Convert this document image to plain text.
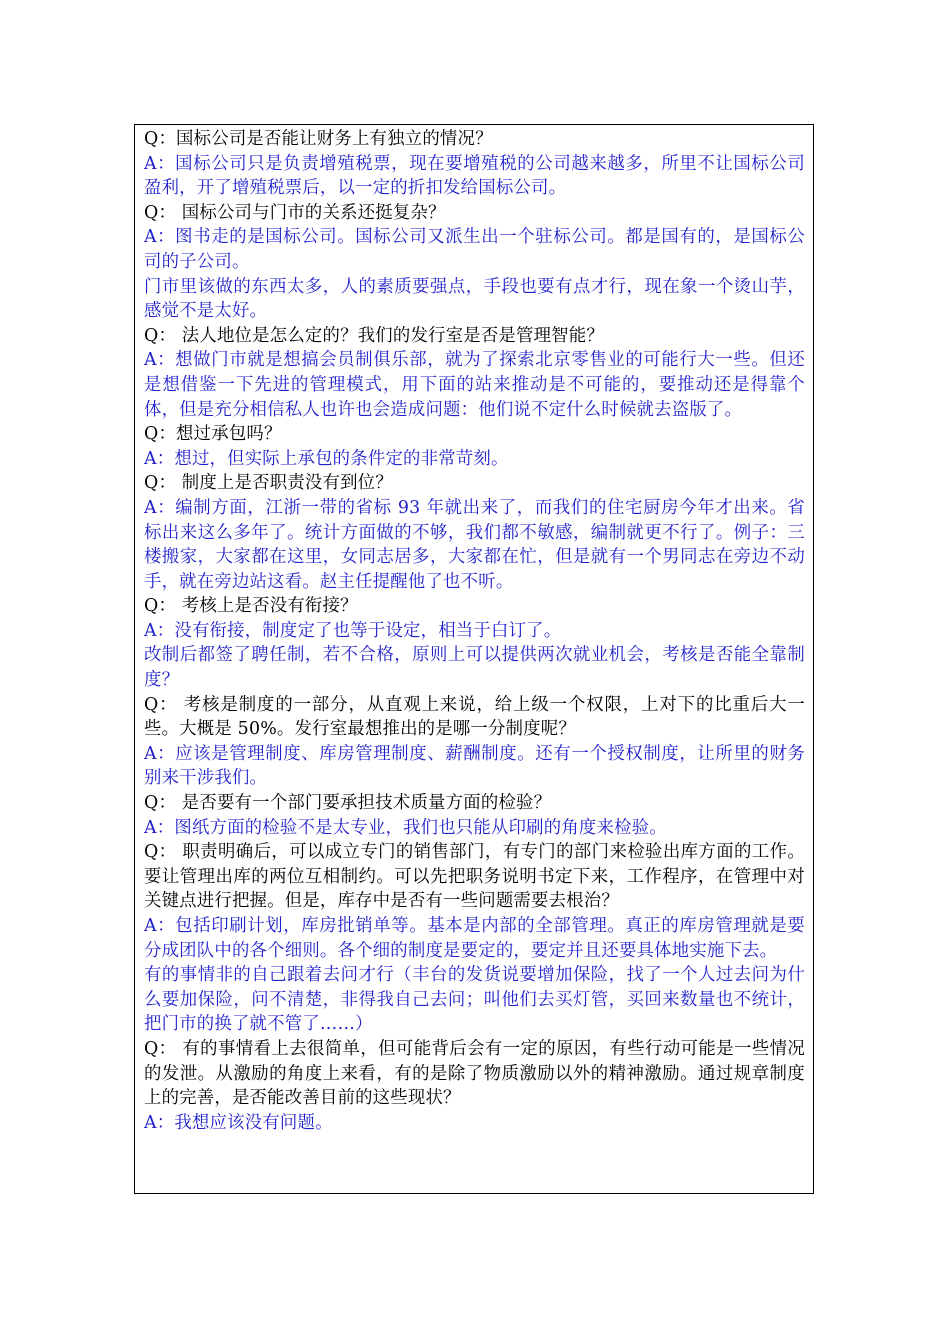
Q：国标公司是否能让财务上有独立的情况？

A：国标公司只是负责增殖税票，现在要增殖税的公司越来越多，所里不让国标公司盈利，开了增殖税票后，以一定的折扣发给国标公司。

Q： 国标公司与门市的关系还挺复杂？

A：图书走的是国标公司。国标公司又派生出一个驻标公司。都是国有的，是国标公司的子公司。

门市里该做的东西太多，人的素质要强点，手段也要有点才行，现在象一个烫山芋，感觉不是太好。

Q： 法人地位是怎么定的？我们的发行室是否是管理智能？

A：想做门市就是想搞会员制俱乐部，就为了探索北京零售业的可能行大一些。但还是想借鉴一下先进的管理模式，用下面的站来推动是不可能的，要推动还是得靠个体，但是充分相信私人也许也会造成问题：他们说不定什么时候就去盗版了。

Q：想过承包吗？

A：想过，但实际上承包的条件定的非常苛刻。

Q： 制度上是否职责没有到位？

A：编制方面，江浙一带的省标 93 年就出来了，而我们的住宅厨房今年才出来。省标出来这么多年了。统计方面做的不够，我们都不敏感，编制就更不行了。例子：三楼搬家，大家都在这里，女同志居多，大家都在忙，但是就有一个男同志在旁边不动手，就在旁边站这看。赵主任提醒他了也不听。

Q： 考核上是否没有衔接？

A：没有衔接，制度定了也等于设定，相当于白订了。

改制后都签了聘任制，若不合格，原则上可以提供两次就业机会，考核是否能全靠制度？

Q： 考核是制度的一部分，从直观上来说，给上级一个权限，上对下的比重后大一些。大概是 50%。发行室最想推出的是哪一分制度呢？

A：应该是管理制度、库房管理制度、薪酬制度。还有一个授权制度，让所里的财务别来干涉我们。

Q： 是否要有一个部门要承担技术质量方面的检验？

A：图纸方面的检验不是太专业，我们也只能从印刷的角度来检验。

Q： 职责明确后，可以成立专门的销售部门，有专门的部门来检验出库方面的工作。要让管理出库的两位互相制约。可以先把职务说明书定下来，工作程序，在管理中对关键点进行把握。但是，库存中是否有一些问题需要去根治？

A：包括印刷计划，库房批销单等。基本是内部的全部管理。真正的库房管理就是要分成团队中的各个细则。各个细的制度是要定的，要定并且还要具体地实施下去。

有的事情非的自己跟着去问才行（丰台的发货说要增加保险，找了一个人过去问为什么要加保险，问不清楚，非得我自己去问；叫他们去买灯管，买回来数量也不统计，把门市的换了就不管了……）

Q： 有的事情看上去很简单，但可能背后会有一定的原因，有些行动可能是一些情况的发泄。从激励的角度上来看，有的是除了物质激励以外的精神激励。通过规章制度上的完善，是否能改善目前的这些现状？

A：我想应该没有问题。
